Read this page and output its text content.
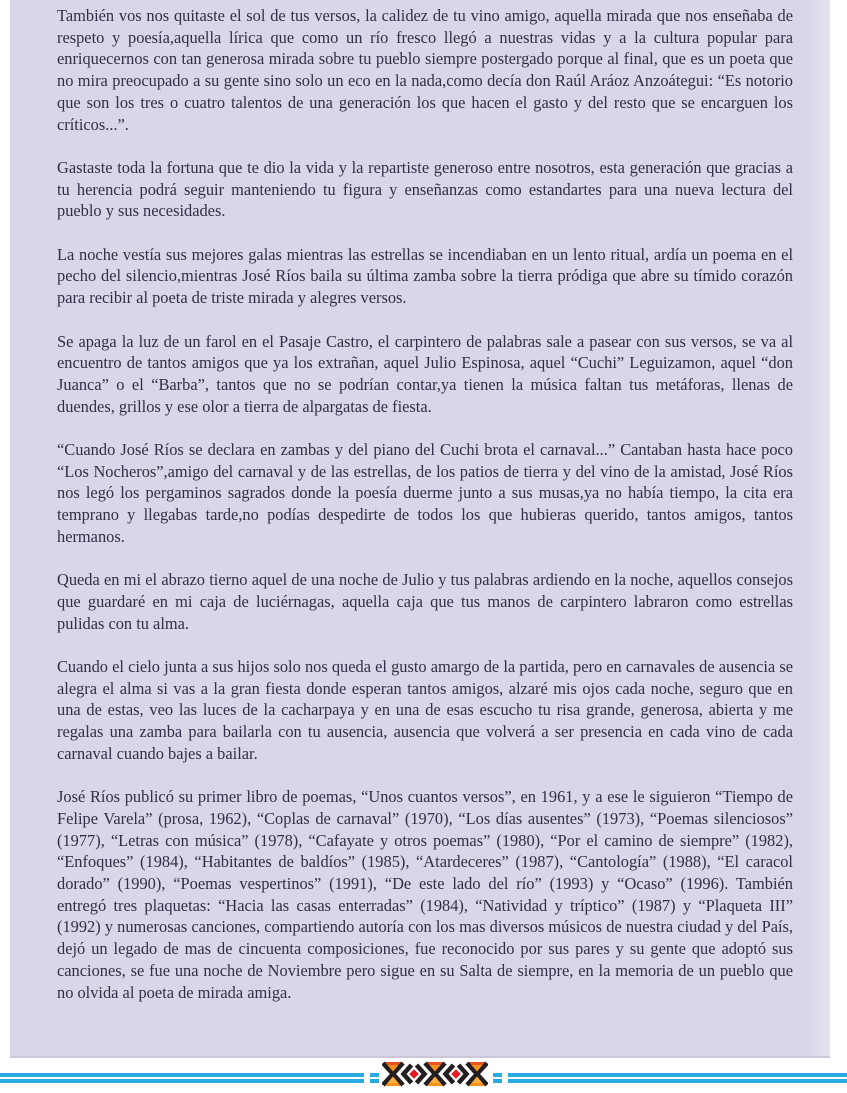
También vos nos quitaste el sol de tus versos, la calidez de tu vino amigo, aquella mirada que nos enseñaba de respeto y poesía,aquella lírica que como un río fresco llegó a nuestras vidas y a la cultura popular para enriquecernos con tan generosa mirada sobre tu pueblo siempre postergado porque al final, que es un poeta que no mira preocupado a su gente sino solo un eco en la nada,como decía don Raúl Aráoz Anzoátegui: “Es notorio que son los tres o cuatro talentos de una generación los que hacen el gasto y del resto que se encarguen los críticos...”.

Gastaste toda la fortuna que te dio la vida y la repartiste generoso entre nosotros, esta generación que gracias a tu herencia podrá seguir manteniendo tu figura y enseñanzas como estandartes para una nueva lectura del pueblo y sus necesidades.

La noche vestía sus mejores galas mientras las estrellas se incendiaban en un lento ritual, ardía un poema en el pecho del silencio,mientras José Ríos baila su última zamba sobre la tierra pródiga que abre su tímido corazón para recibir al poeta de triste mirada y alegres versos.

Se apaga la luz de un farol en el Pasaje Castro, el carpintero de palabras sale a pasear con sus versos, se va al encuentro de tantos amigos que ya los extrañan, aquel Julio Espinosa, aquel “Cuchi” Leguizamon, aquel “don Juanca” o el “Barba”, tantos que no se podrían contar,ya tienen la música faltan tus metáforas, llenas de duendes, grillos y ese olor a tierra de alpargatas de fiesta.

“Cuando José Ríos se declara en zambas y del piano del Cuchi brota el carnaval...” Cantaban hasta hace poco “Los Nocheros”,amigo del carnaval y de las estrellas, de los patios de tierra y del vino de la amistad, José Ríos nos legó los pergaminos sagrados donde la poesía duerme junto a sus musas,ya no había tiempo, la cita era temprano y llegabas tarde,no podías despedirte de todos los que hubieras querido, tantos amigos, tantos hermanos.

Queda en mi el abrazo tierno aquel de una noche de Julio y tus palabras ardiendo en la noche, aquellos consejos que guardaré en mi caja de luciérnagas, aquella caja que tus manos de carpintero labraron como estrellas pulidas con tu alma.

Cuando el cielo junta a sus hijos solo nos queda el gusto amargo de la partida, pero en carnavales de ausencia se alegra el alma si vas a la gran fiesta donde esperan tantos amigos, alzaré mis ojos cada noche, seguro que en una de estas, veo las luces de la cacharpaya y en una de esas escucho tu risa grande, generosa, abierta y me regalas una zamba para bailarla con tu ausencia, ausencia que volverá a ser presencia en cada vino de cada carnaval cuando bajes a bailar.

José Ríos publicó su primer libro de poemas, “Unos cuantos versos”, en 1961, y a ese le siguieron “Tiempo de Felipe Varela” (prosa, 1962), “Coplas de carnaval” (1970), “Los días ausentes” (1973), “Poemas silenciosos” (1977), “Letras con música” (1978), “Cafayate y otros poemas” (1980), “Por el camino de siempre” (1982), “Enfoques” (1984), “Habitantes de baldíos” (1985), “Atardeceres” (1987), “Cantología” (1988), “El caracol dorado” (1990), “Poemas vespertinos” (1991), “De este lado del río” (1993) y “Ocaso” (1996). También entregó tres plaquetas: “Hacia las casas enterradas” (1984), “Natividad y tríptico” (1987) y “Plaqueta III” (1992) y numerosas canciones, compartiendo autoría con los mas diversos músicos de nuestra ciudad y del País, dejó un legado de mas de cincuenta composiciones, fue reconocido por sus pares y su gente que adoptó sus canciones, se fue una noche de Noviembre pero sigue en su Salta de siempre, en la memoria de un pueblo que no olvida al poeta de mirada amiga.
